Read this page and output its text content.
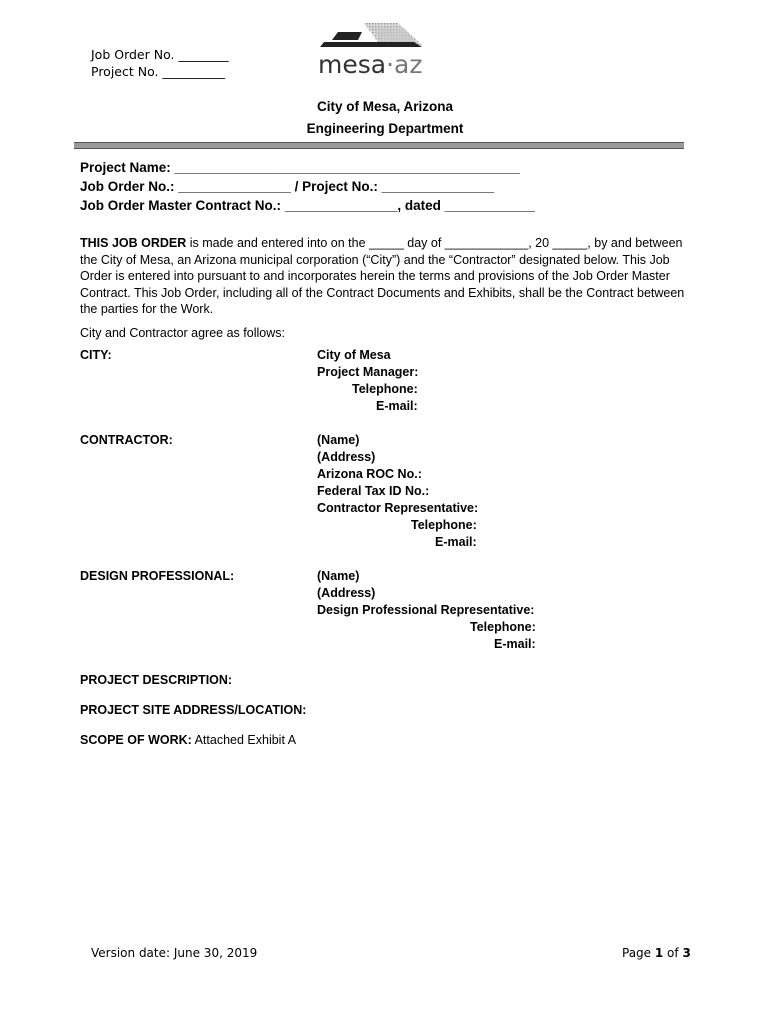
Job Order No. ________
Project No. __________	mesa·az
City of Mesa, Arizona
Engineering Department
Project Name: ______________________________________________
Job Order No.: _______________ / Project No.: _______________
Job Order Master Contract No.: _______________, dated ____________
THIS JOB ORDER is made and entered into on the _____ day of ____________, 20 _____, by and between the City of Mesa, an Arizona municipal corporation (“City”) and the “Contractor” designated below. This Job Order is entered into pursuant to and incorporates herein the terms and provisions of the Job Order Master Contract. This Job Order, including all of the Contract Documents and Exhibits, shall be the Contract between the parties for the Work.
City and Contractor agree as follows:
CITY:	City of Mesa
Project Manager:
Telephone:
E-mail:
CONTRACTOR:	(Name)
(Address)
Arizona ROC No.:
Federal Tax ID No.:
Contractor Representative:
Telephone:
E-mail:
DESIGN PROFESSIONAL:	(Name)
(Address)
Design Professional Representative:
Telephone:
E-mail:
PROJECT DESCRIPTION:
PROJECT SITE ADDRESS/LOCATION:
SCOPE OF WORK: Attached Exhibit A
Version date: June 30, 2019	Page 1 of 3
